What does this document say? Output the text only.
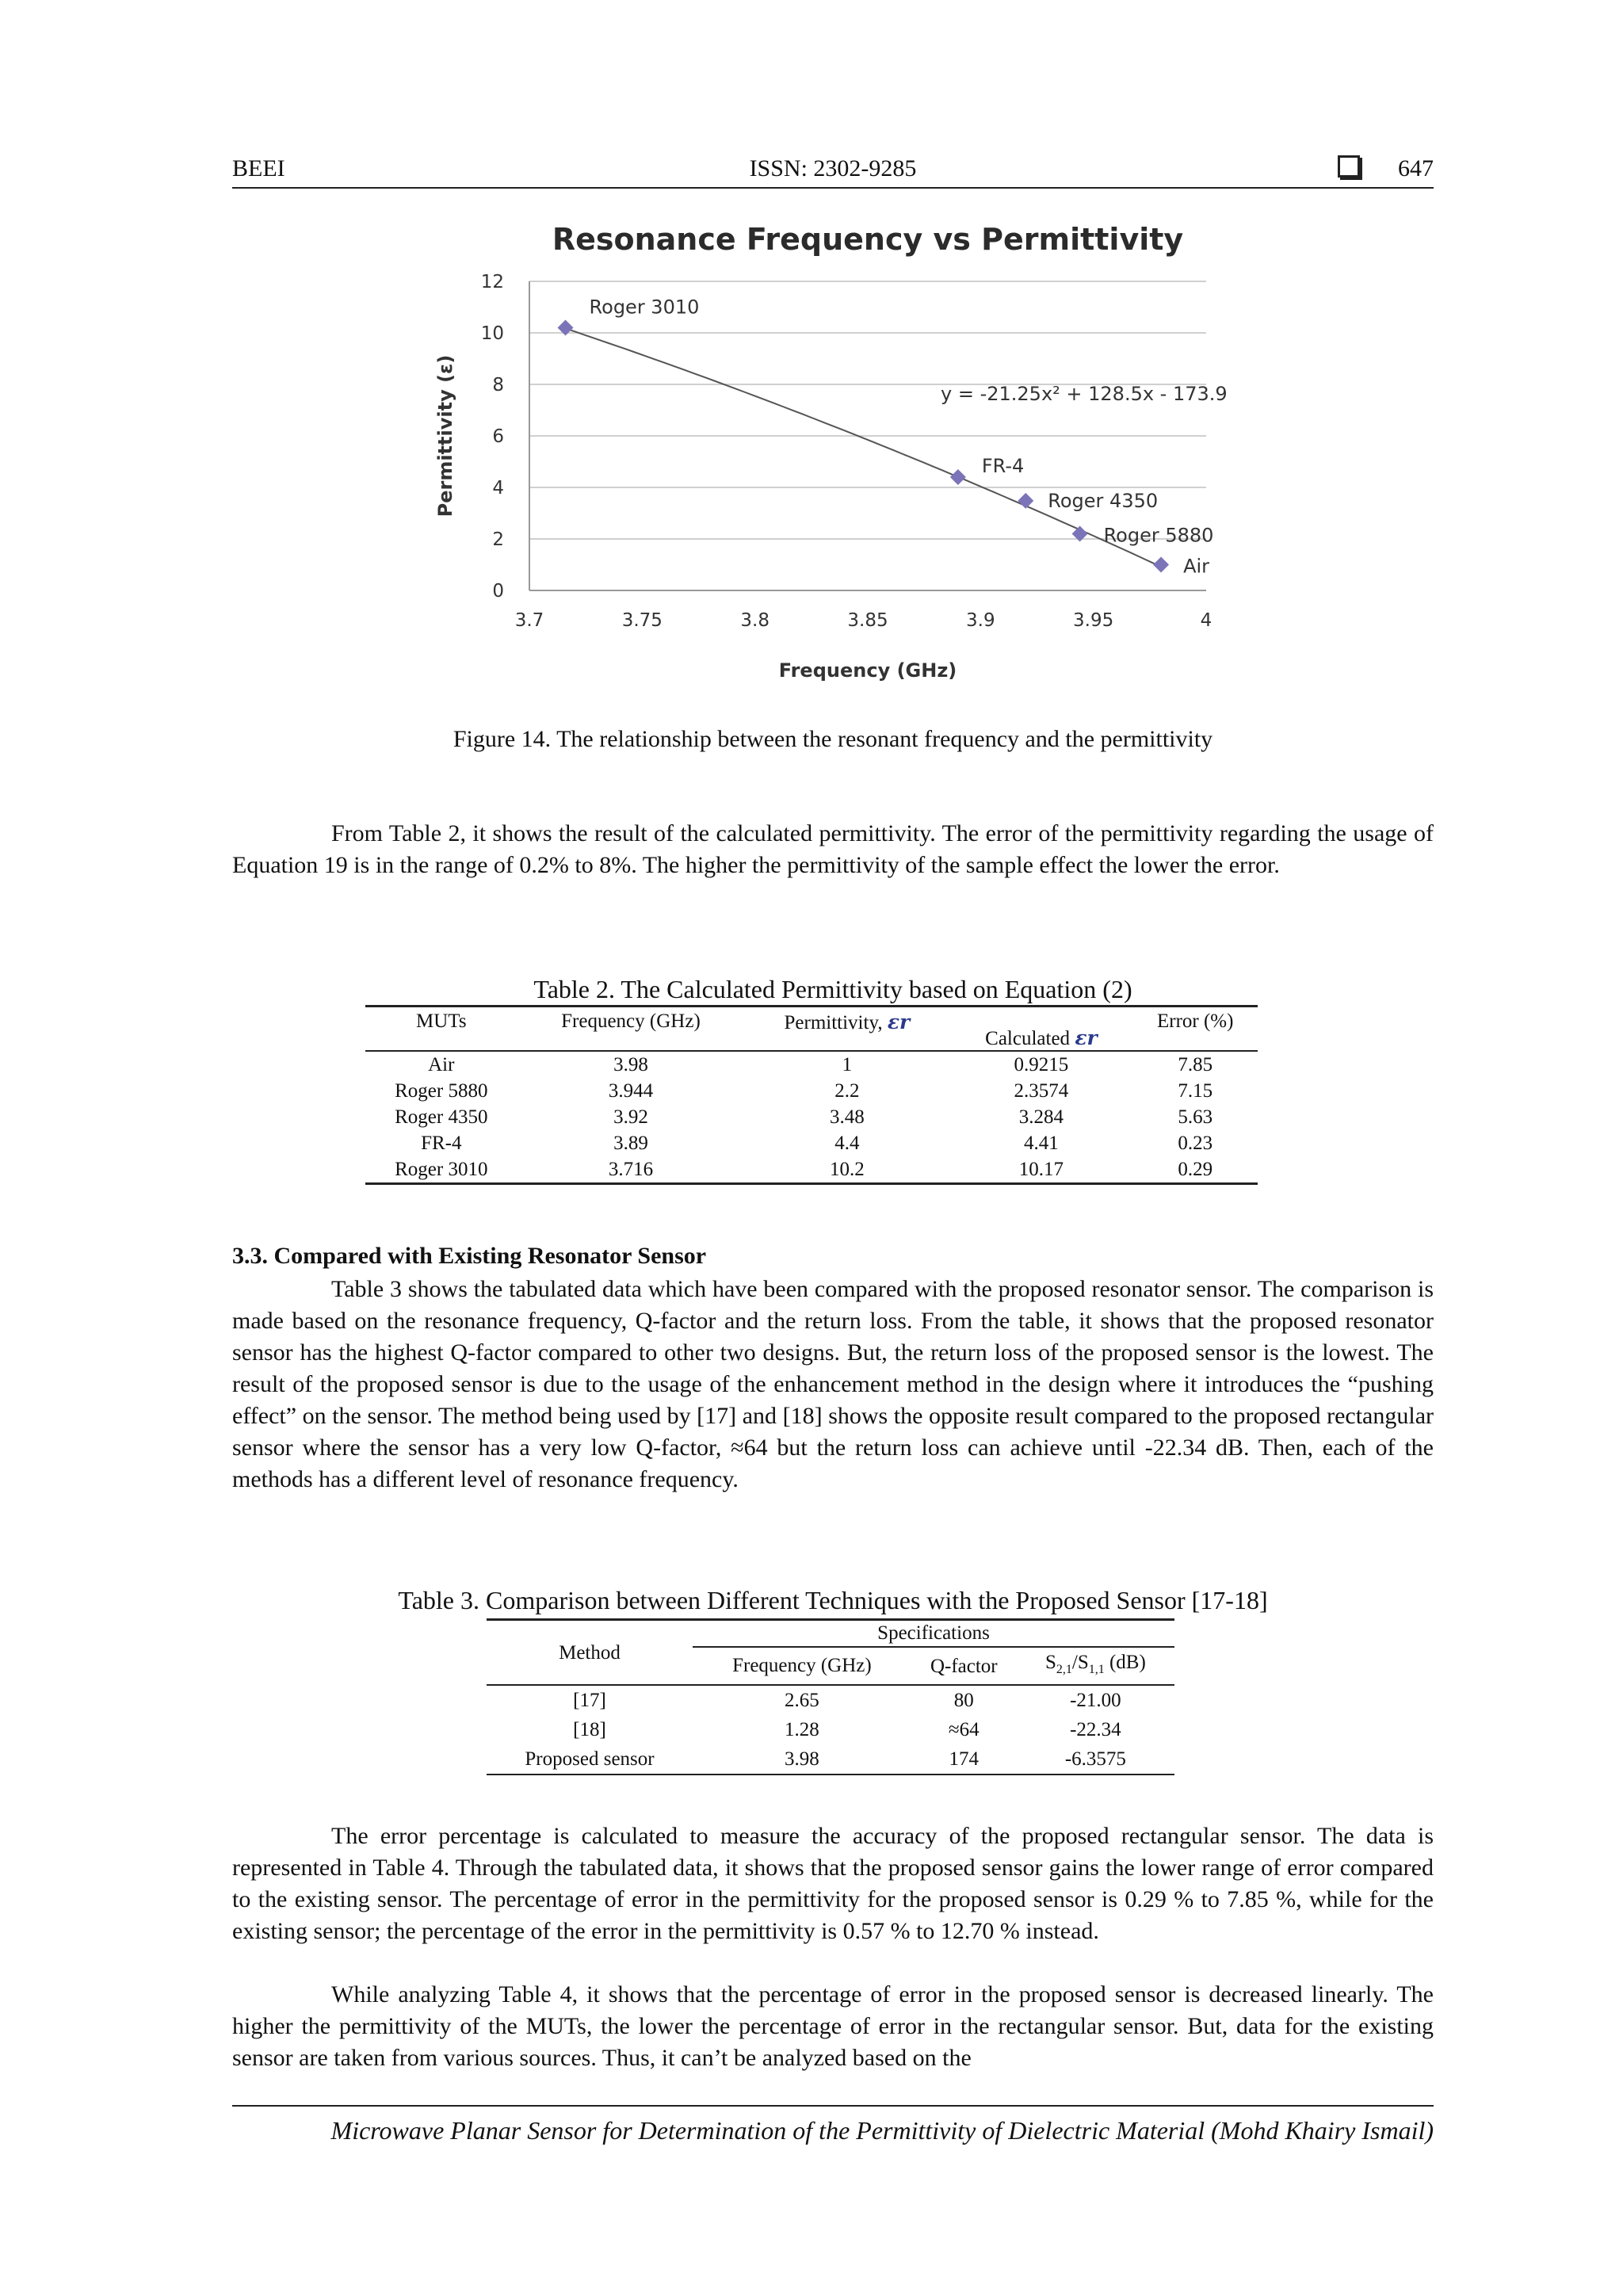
BEEI	ISSN: 2302-9285	647
Resonance Frequency vs Permittivity
0
2
4
6
8
10
12
3.7	3.75	3.8	3.85	3.9	3.95	4
Frequency (GHz)
Permittivity (ε)	y = -21.25x² + 128.5x - 173.9
Roger 3010
FR-4
Roger 4350
Roger 5880
Air
Figure 14. The relationship between the resonant frequency and the permittivity

From Table 2, it shows the result of the calculated permittivity. The error of the permittivity regarding the usage of Equation 19 is in the range of 0.2% to 8%. The higher the permittivity of the sample effect the lower the error.

Table 2. The Calculated Permittivity based on Equation (2)
MUTs	Frequency (GHz)	Permittivity, εr	Calculated εr	Error (%)
Air	3.98	1	0.9215	7.85
Roger 5880	3.944	2.2	2.3574	7.15
Roger 4350	3.92	3.48	3.284	5.63
FR-4	3.89	4.4	4.41	0.23
Roger 3010	3.716	10.2	10.17	0.29
3.3. Compared with Existing Resonator Sensor

Table 3 shows the tabulated data which have been compared with the proposed resonator sensor. The comparison is made based on the resonance frequency, Q-factor and the return loss. From the table, it shows that the proposed resonator sensor has the highest Q-factor compared to other two designs. But, the return loss of the proposed sensor is the lowest. The result of the proposed sensor is due to the usage of the enhancement method in the design where it introduces the “pushing effect” on the sensor. The method being used by [17] and [18] shows the opposite result compared to the proposed rectangular sensor where the sensor has a very low Q-factor, ≈64 but the return loss can achieve until -22.34 dB. Then, each of the methods has a different level of resonance frequency.

Table 3. Comparison between Different Techniques with the Proposed Sensor [17-18]
Method	Specifications		
	Frequency (GHz)	Q-factor	$S_{2,1}/S_{1,1}$ (dB)
[17]	2.65	80	-21.00
[18]	1.28	≈64	-22.34
Proposed sensor	3.98	174	-6.3575

The error percentage is calculated to measure the accuracy of the proposed rectangular sensor. The data is represented in Table 4. Through the tabulated data, it shows that the proposed sensor gains the lower range of error compared to the existing sensor. The percentage of error in the permittivity for the proposed sensor is 0.29 % to 7.85 %, while for the existing sensor; the percentage of the error in the permittivity is 0.57 % to 12.70 % instead.

While analyzing Table 4, it shows that the percentage of error in the proposed sensor is decreased linearly. The higher the permittivity of the MUTs, the lower the percentage of error in the rectangular sensor. But, data for the existing sensor are taken from various sources. Thus, it can’t be analyzed based on the

Microwave Planar Sensor for Determination of the Permittivity of Dielectric Material (Mohd Khairy Ismail)
